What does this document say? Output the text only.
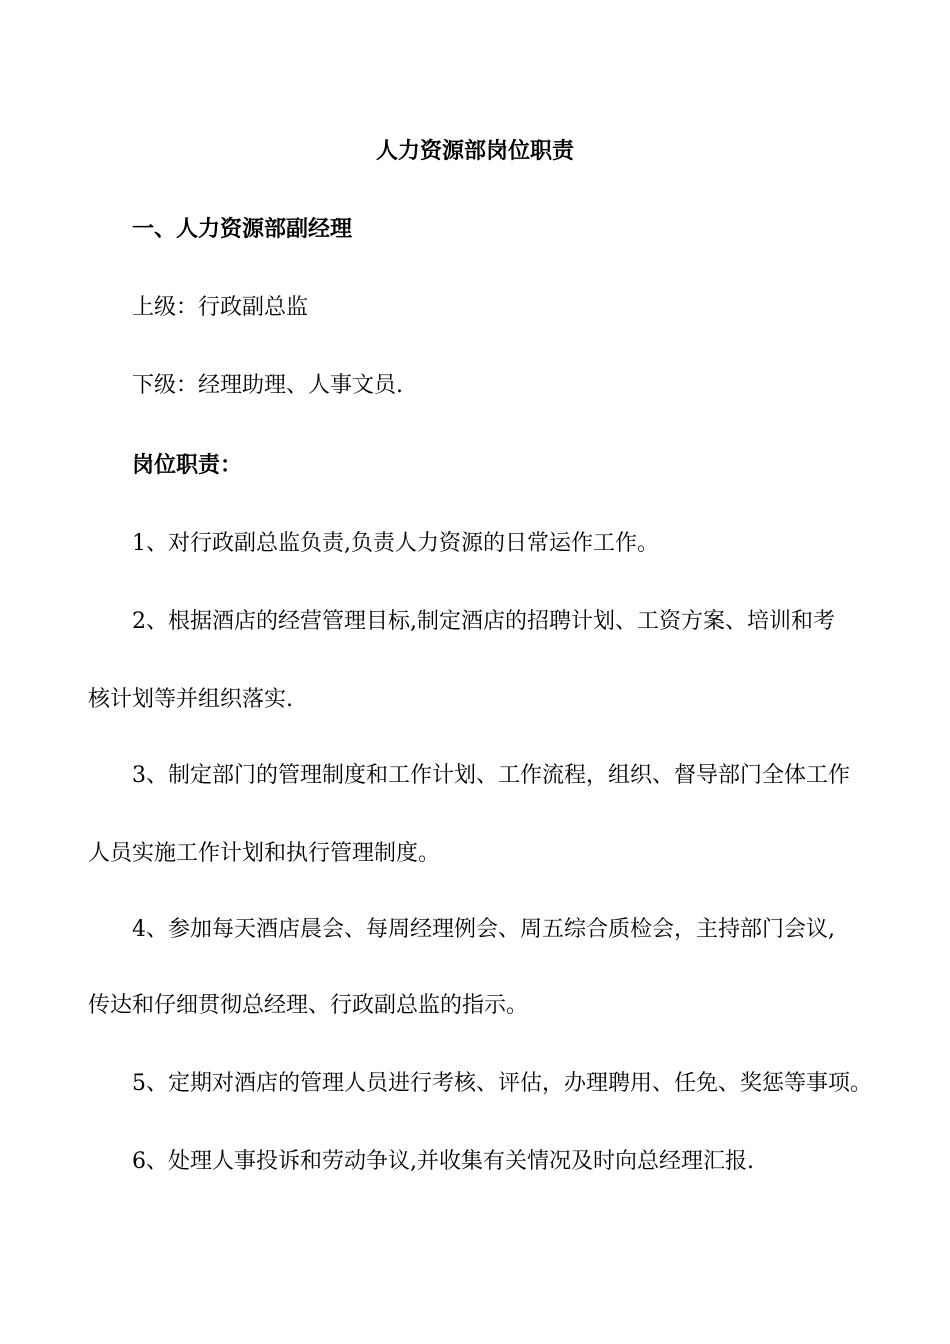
人力资源部岗位职责
一、人力资源部副经理
上级：行政副总监
下级：经理助理、人事文员.
岗位职责：
1、对行政副总监负责,负责人力资源的日常运作工作。
2、根据酒店的经营管理目标,制定酒店的招聘计划、工资方案、培训和考
核计划等并组织落实.
3、制定部门的管理制度和工作计划、工作流程，组织、督导部门全体工作
人员实施工作计划和执行管理制度。
4、参加每天酒店晨会、每周经理例会、周五综合质检会，主持部门会议,
传达和仔细贯彻总经理、行政副总监的指示。
5、定期对酒店的管理人员进行考核、评估，办理聘用、任免、奖惩等事项。
6、处理人事投诉和劳动争议,并收集有关情况及时向总经理汇报.
